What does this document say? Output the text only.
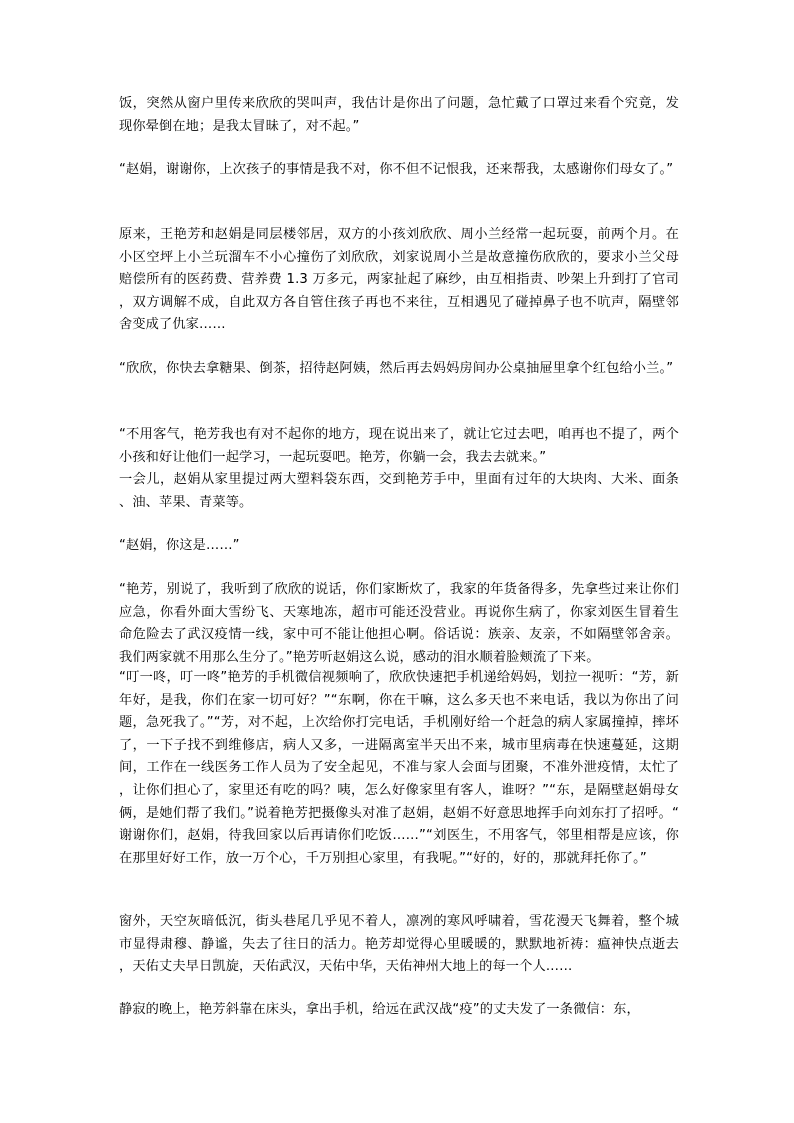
饭，突然从窗户里传来欣欣的哭叫声，我估计是你出了问题，急忙戴了口罩过来看个究竟，发现你晕倒在地；是我太冒昧了，对不起。”

“赵娟，谢谢你，上次孩子的事情是我不对，你不但不记恨我，还来帮我，太感谢你们母女了。”

原来，王艳芳和赵娟是同层楼邻居，双方的小孩刘欣欣、周小兰经常一起玩耍，前两个月。在小区空坪上小兰玩溜车不小心撞伤了刘欣欣，刘家说周小兰是故意撞伤欣欣的，要求小兰父母赔偿所有的医药费、营养费 1.3 万多元，两家扯起了麻纱，由互相指责、吵架上升到打了官司，双方调解不成，自此双方各自管住孩子再也不来往，互相遇见了碰掉鼻子也不吭声，隔壁邻舍变成了仇家……

“欣欣，你快去拿糖果、倒茶，招待赵阿姨，然后再去妈妈房间办公桌抽屉里拿个红包给小兰。”

“不用客气，艳芳我也有对不起你的地方，现在说出来了，就让它过去吧，咱再也不提了，两个小孩和好让他们一起学习，一起玩耍吧。艳芳，你躺一会，我去去就来。”

一会儿，赵娟从家里提过两大塑料袋东西，交到艳芳手中，里面有过年的大块肉、大米、面条、油、苹果、青菜等。

“赵娟，你这是……”

“艳芳，别说了，我听到了欣欣的说话，你们家断炊了，我家的年货备得多，先拿些过来让你们应急，你看外面大雪纷飞、天寒地冻，超市可能还没营业。再说你生病了，你家刘医生冒着生命危险去了武汉疫情一线，家中可不能让他担心啊。俗话说：族亲、友亲，不如隔壁邻舍亲。我们两家就不用那么生分了。”艳芳听赵娟这么说，感动的泪水顺着脸颊流了下来。

“叮一咚，叮一咚”艳芳的手机微信视频响了，欣欣快速把手机递给妈妈，划拉一视听：“芳，新年好，是我，你们在家一切可好？”“东啊，你在干嘛，这么多天也不来电话，我以为你出了问题，急死我了。”“芳，对不起，上次给你打完电话，手机刚好给一个赶急的病人家属撞掉，摔坏了，一下子找不到维修店，病人又多，一进隔离室半天出不来，城市里病毒在快速蔓延，这期间，工作在一线医务工作人员为了安全起见，不准与家人会面与团聚，不准外泄疫情，太忙了，让你们担心了，家里还有吃的吗？咦，怎么好像家里有客人，谁呀？”“东，是隔壁赵娟母女俩，是她们帮了我们。”说着艳芳把摄像头对准了赵娟，赵娟不好意思地挥手向刘东打了招呼。“谢谢你们，赵娟，待我回家以后再请你们吃饭……”“刘医生，不用客气，邻里相帮是应该，你在那里好好工作，放一万个心，千万别担心家里，有我呢。”“好的，好的，那就拜托你了。”

窗外，天空灰暗低沉，街头巷尾几乎见不着人，凛冽的寒风呼啸着，雪花漫天飞舞着，整个城市显得肃穆、静谧，失去了往日的活力。艳芳却觉得心里暖暖的，默默地祈祷：瘟神快点逝去，天佑丈夫早日凯旋，天佑武汉，天佑中华，天佑神州大地上的每一个人……

静寂的晚上，艳芳斜靠在床头，拿出手机，给远在武汉战“疫”的丈夫发了一条微信：东，
